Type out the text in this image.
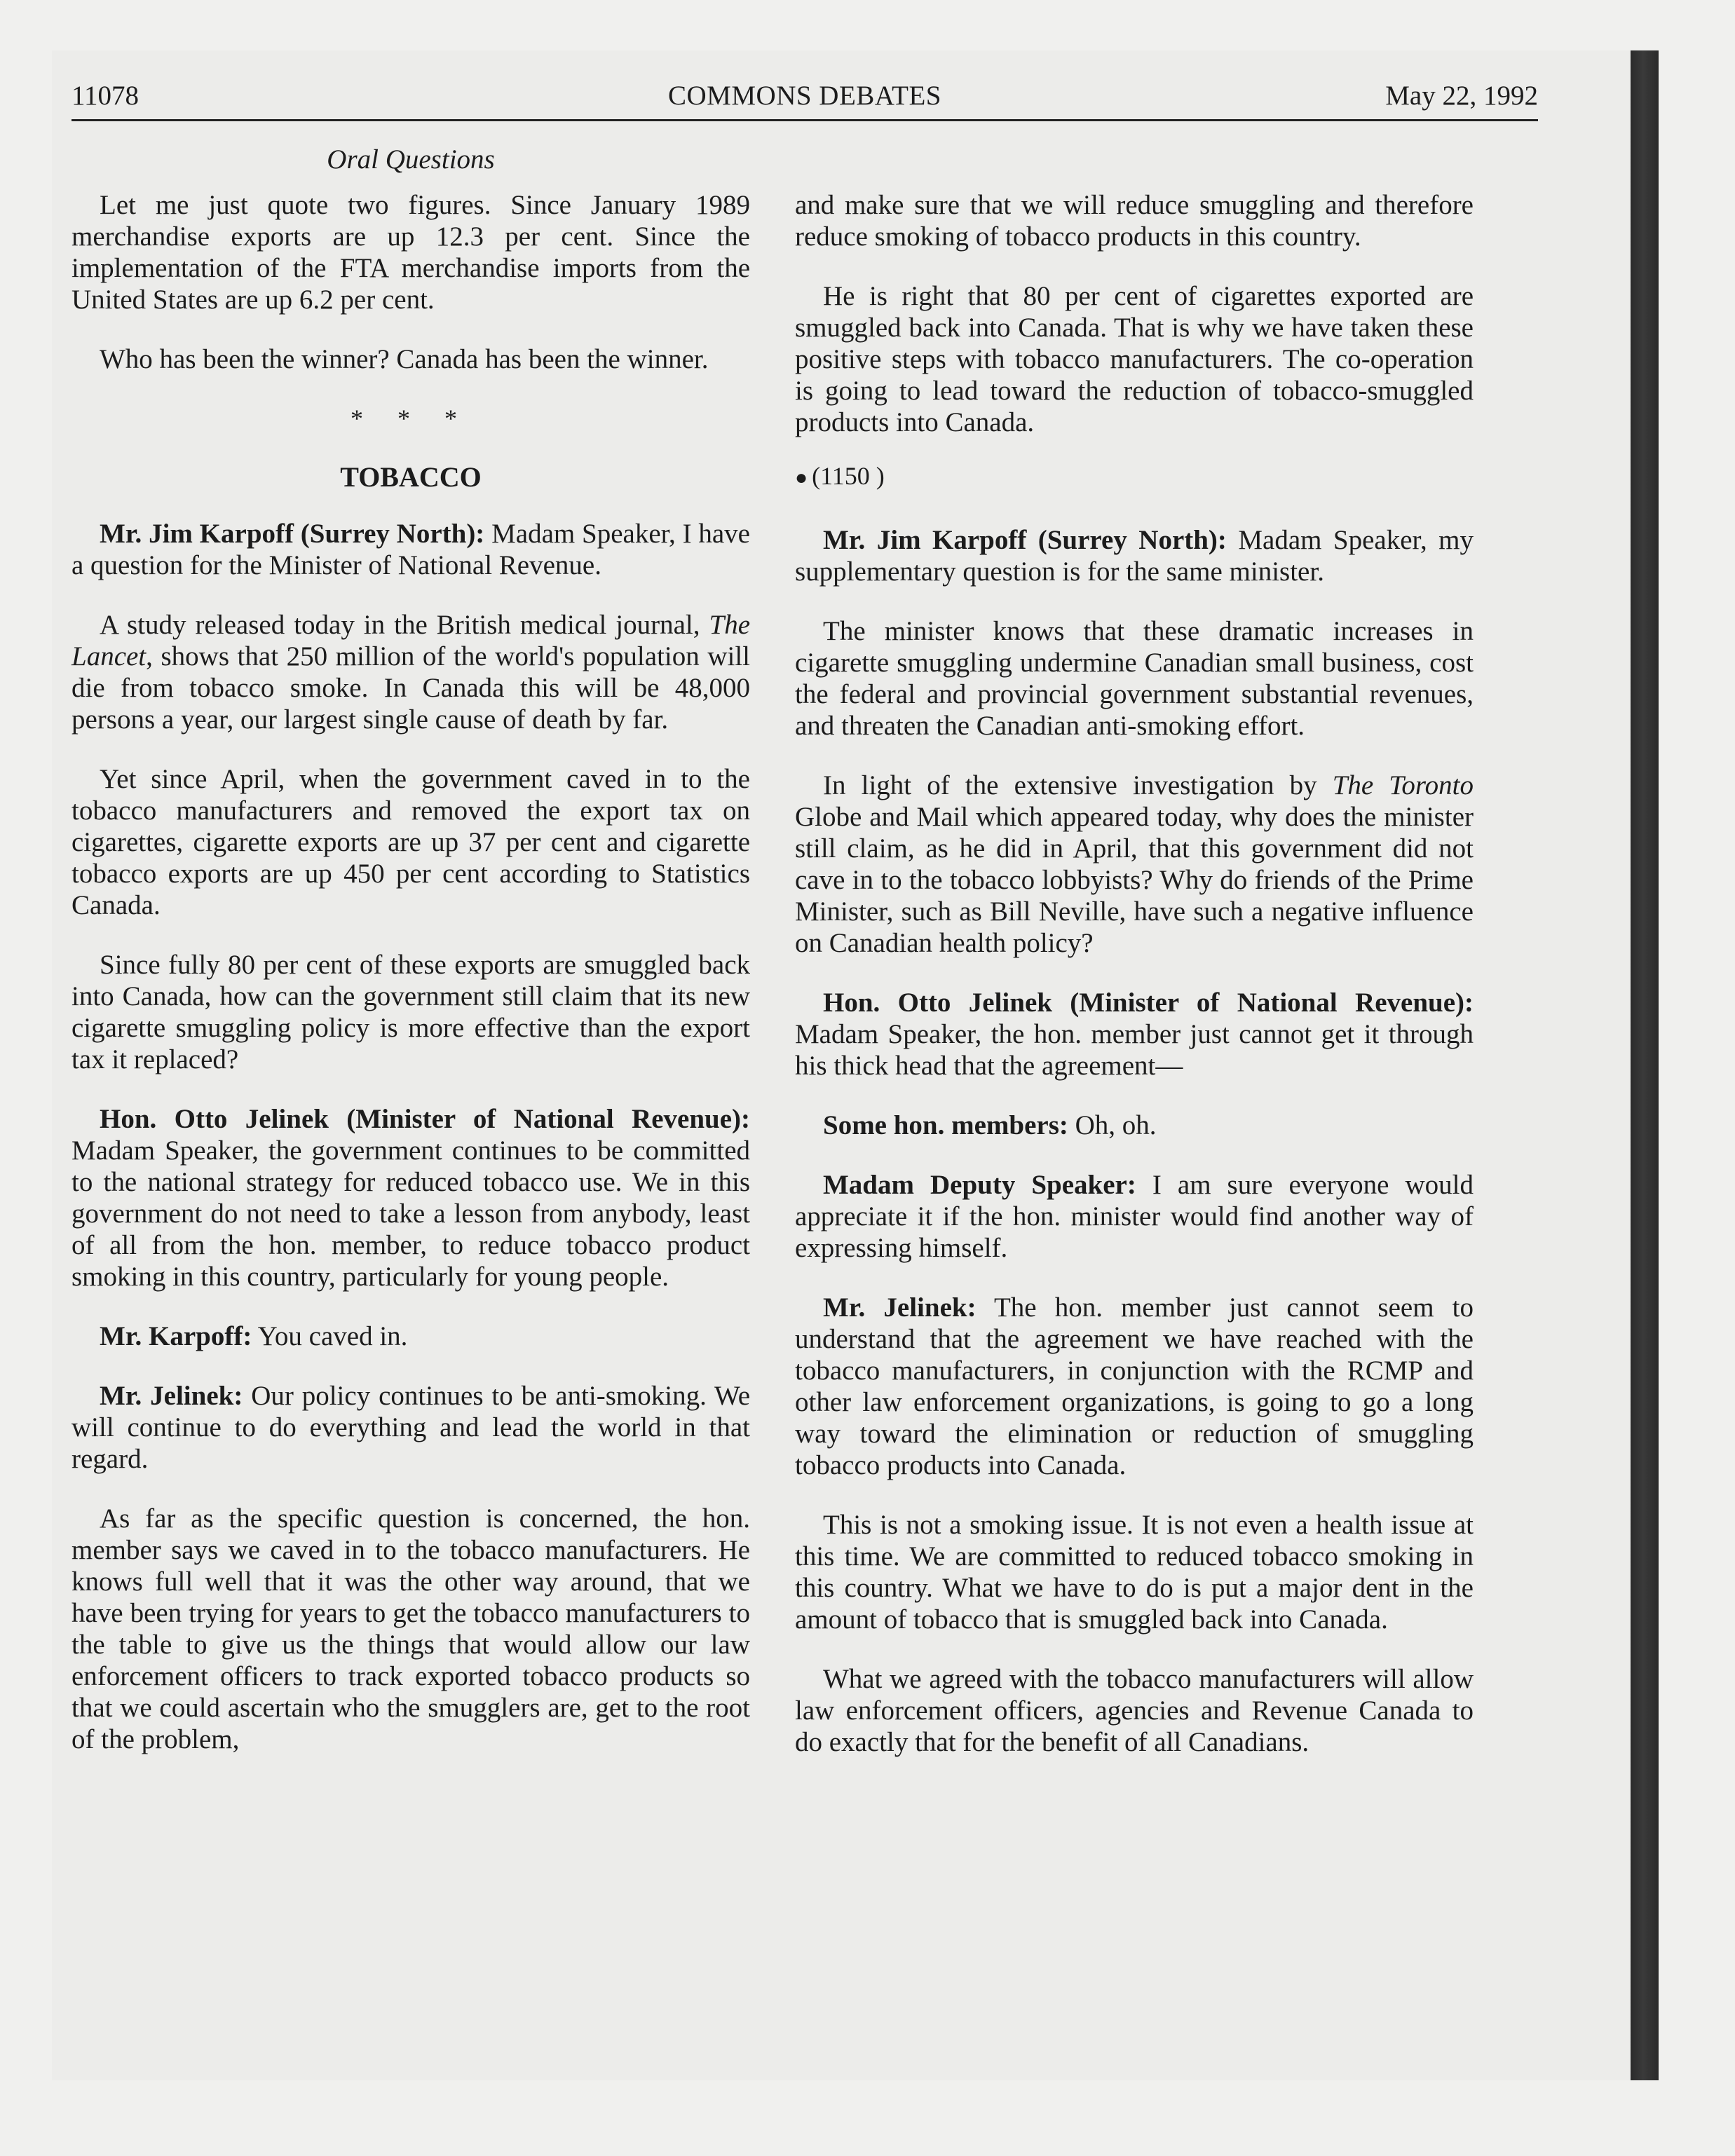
11078	COMMONS DEBATES	May 22, 1992
Oral Questions

Let me just quote two figures. Since January 1989 merchandise exports are up 12.3 per cent. Since the implementation of the FTA merchandise imports from the United States are up 6.2 per cent.

Who has been the winner? Canada has been the winner.

* * *
TOBACCO

Mr. Jim Karpoff (Surrey North): Madam Speaker, I have a question for the Minister of National Revenue.

A study released today in the British medical journal, The Lancet, shows that 250 million of the world's population will die from tobacco smoke. In Canada this will be 48,000 persons a year, our largest single cause of death by far.

Yet since April, when the government caved in to the tobacco manufacturers and removed the export tax on cigarettes, cigarette exports are up 37 per cent and cigarette tobacco exports are up 450 per cent according to Statistics Canada.

Since fully 80 per cent of these exports are smuggled back into Canada, how can the government still claim that its new cigarette smuggling policy is more effective than the export tax it replaced?

Hon. Otto Jelinek (Minister of National Revenue): Madam Speaker, the government continues to be committed to the national strategy for reduced tobacco use. We in this government do not need to take a lesson from anybody, least of all from the hon. member, to reduce tobacco product smoking in this country, particularly for young people.

Mr. Karpoff: You caved in.

Mr. Jelinek: Our policy continues to be anti-smoking. We will continue to do everything and lead the world in that regard.

As far as the specific question is concerned, the hon. member says we caved in to the tobacco manufacturers. He knows full well that it was the other way around, that we have been trying for years to get the tobacco manufacturers to the table to give us the things that would allow our law enforcement officers to track exported tobacco products so that we could ascertain who the smugglers are, get to the root of the problem,

and make sure that we will reduce smuggling and therefore reduce smoking of tobacco products in this country.

He is right that 80 per cent of cigarettes exported are smuggled back into Canada. That is why we have taken these positive steps with tobacco manufacturers. The co-operation is going to lead toward the reduction of tobacco-smuggled products into Canada.

● (1150 )

Mr. Jim Karpoff (Surrey North): Madam Speaker, my supplementary question is for the same minister.

The minister knows that these dramatic increases in cigarette smuggling undermine Canadian small business, cost the federal and provincial government substantial revenues, and threaten the Canadian anti-smoking effort.

In light of the extensive investigation by The Toronto Globe and Mail which appeared today, why does the minister still claim, as he did in April, that this government did not cave in to the tobacco lobbyists? Why do friends of the Prime Minister, such as Bill Neville, have such a negative influence on Canadian health policy?

Hon. Otto Jelinek (Minister of National Revenue): Madam Speaker, the hon. member just cannot get it through his thick head that the agreement—

Some hon. members: Oh, oh.

Madam Deputy Speaker: I am sure everyone would appreciate it if the hon. minister would find another way of expressing himself.

Mr. Jelinek: The hon. member just cannot seem to understand that the agreement we have reached with the tobacco manufacturers, in conjunction with the RCMP and other law enforcement organizations, is going to go a long way toward the elimination or reduction of smuggling tobacco products into Canada.

This is not a smoking issue. It is not even a health issue at this time. We are committed to reduced tobacco smoking in this country. What we have to do is put a major dent in the amount of tobacco that is smuggled back into Canada.

What we agreed with the tobacco manufacturers will allow law enforcement officers, agencies and Revenue Canada to do exactly that for the benefit of all Canadians.
